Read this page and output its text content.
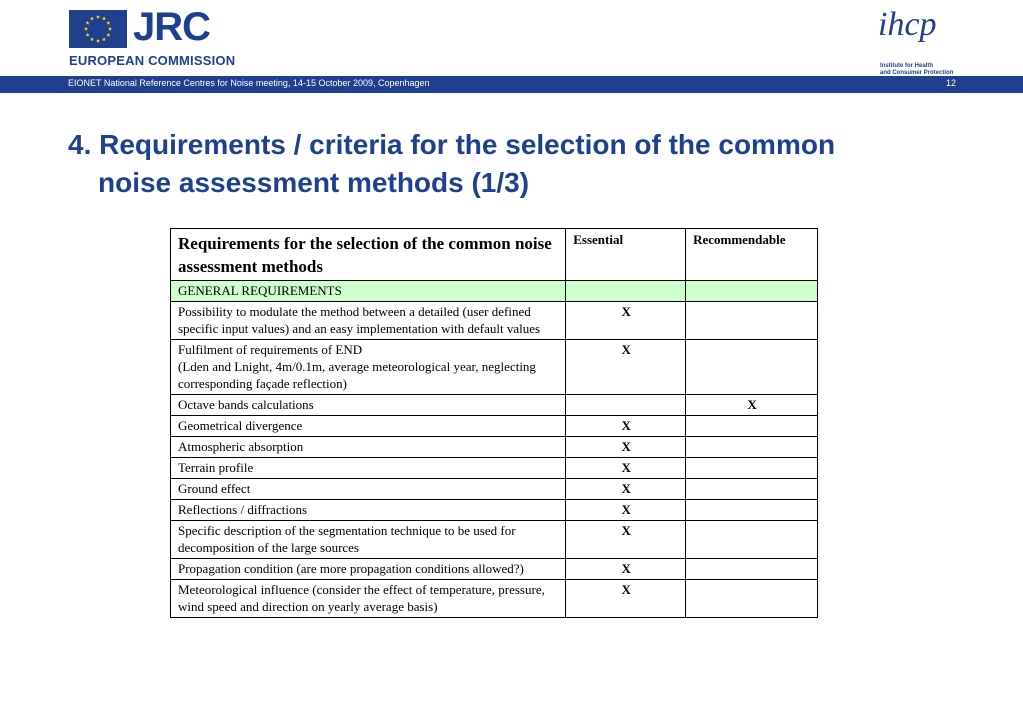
JRC
EUROPEAN COMMISSION
ihcp
Institute for Health
and Consumer Protection
EIONET National Reference Centres for Noise meeting, 14-15 October 2009, Copenhagen	12
4. Requirements / criteria for the selection of the common
noise assessment methods (1/3)
Requirements for the selection of the common noise assessment methods	Essential	Recommendable
GENERAL REQUIREMENTS		
Possibility to modulate the method between a detailed (user defined specific input values) and an easy implementation with default values	X	

Fulfilment of requirements of END
(Lden and Lnight, 4m/0.1m, average meteorological year, neglecting corresponding façade reflection)	X	
Octave bands calculations		X
Geometrical divergence	X	
Atmospheric absorption	X	
Terrain profile	X	
Ground effect	X	
Reflections / diffractions	X	
Specific description of the segmentation technique to be used for decomposition of the large sources	X	
Propagation condition (are more propagation conditions allowed?)	X	
Meteorological influence (consider the effect of temperature, pressure, wind speed and direction on yearly average basis)	X	
